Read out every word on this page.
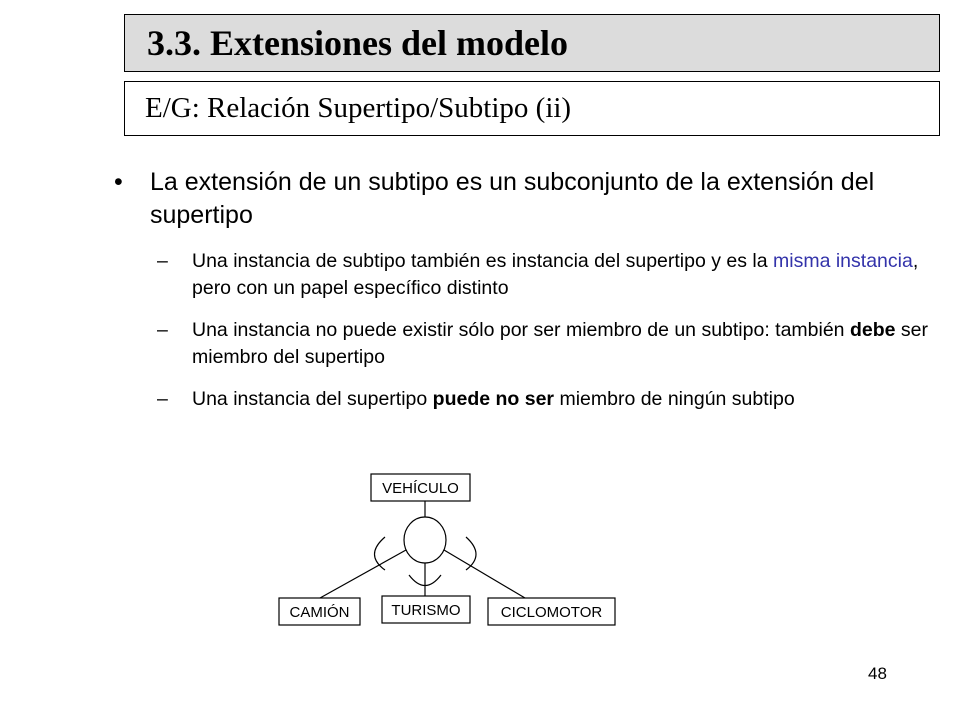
3.3. Extensiones del modelo
E/G: Relación Supertipo/Subtipo (ii)
• La extensión de un subtipo es un subconjunto de la extensión del supertipo
– Una instancia de subtipo también es instancia del supertipo y es la misma instancia, pero con un papel específico distinto
– Una instancia no puede existir sólo por ser miembro de un subtipo: también debe ser miembro del supertipo
– Una instancia del supertipo puede no ser miembro de ningún subtipo
VEHÍCULO
CAMIÓN	TURISMO	CICLOMOTOR
48
